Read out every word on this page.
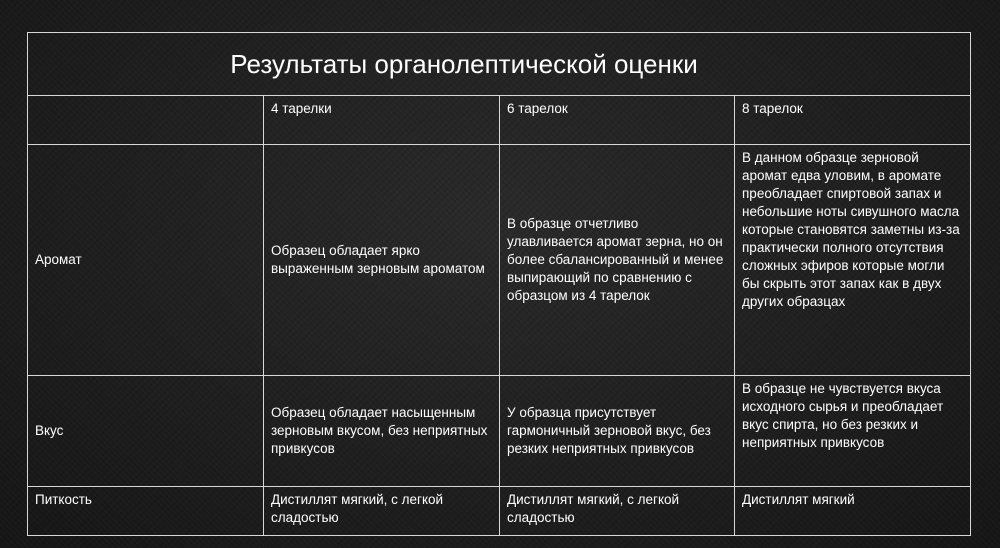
Результаты органолептической оценки			
	4 тарелки	6 тарелок	8 тарелок
Аромат	Образец обладает ярко выраженным зерновым ароматом	В образце отчетливо улавливается аромат зерна, но он более сбалансированный и менее выпирающий по сравнению с образцом из 4 тарелок	В данном образце зерновой аромат едва уловим, в аромате преобладает спиртовой запах и небольшие ноты сивушного масла которые становятся заметны из-за практически полного отсутствия сложных эфиров которые могли бы скрыть этот запах как в двух других образцах
Вкус	Образец обладает насыщенным зерновым вкусом, без неприятных привкусов	У образца присутствует гармоничный зерновой вкус, без резких неприятных привкусов	В образце не чувствуется вкуса исходного сырья и преобладает вкус спирта, но без резких и неприятных привкусов
Питкость	Дистиллят мягкий, с легкой сладостью	Дистиллят мягкий, с легкой сладостью	Дистиллят мягкий
